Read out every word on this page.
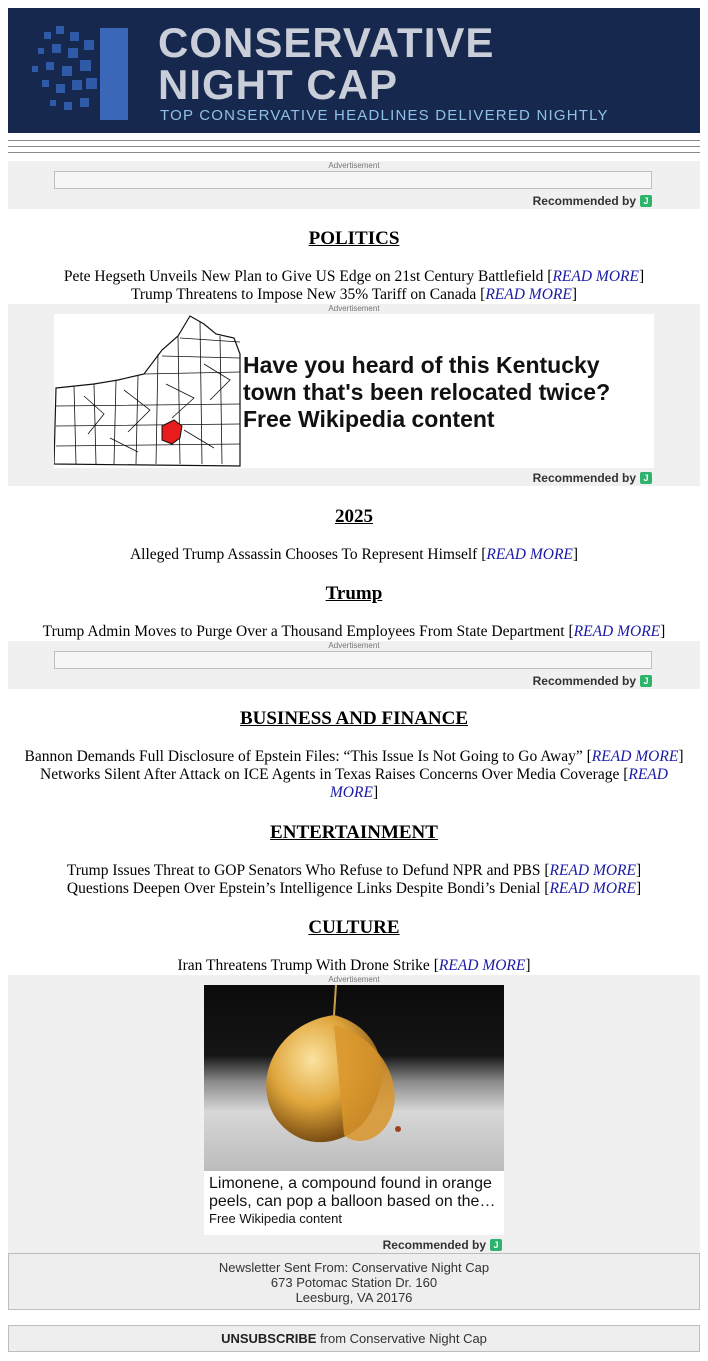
CONSERVATIVE
NIGHT CAP
TOP CONSERVATIVE HEADLINES DELIVERED NIGHTLY
Advertisement
Recommended by J
POLITICS
Pete Hegseth Unveils New Plan to Give US Edge on 21st Century Battlefield [READ MORE]
Trump Threatens to Impose New 35% Tariff on Canada [READ MORE]
Advertisement
Recommended by J
Have you heard of this Kentucky town that's been relocated twice? Free Wikipedia content
2025
Alleged Trump Assassin Chooses To Represent Himself [READ MORE]
Trump
Trump Admin Moves to Purge Over a Thousand Employees From State Department [READ MORE]
Advertisement
Recommended by J
BUSINESS AND FINANCE
Bannon Demands Full Disclosure of Epstein Files: “This Issue Is Not Going to Go Away” [READ MORE]
Networks Silent After Attack on ICE Agents in Texas Raises Concerns Over Media Coverage [READ MORE]
ENTERTAINMENT
Trump Issues Threat to GOP Senators Who Refuse to Defund NPR and PBS [READ MORE]
Questions Deepen Over Epstein’s Intelligence Links Despite Bondi’s Denial [READ MORE]
CULTURE
Iran Threatens Trump With Drone Strike [READ MORE]
Advertisement
Recommended by J
Limonene, a compound found in orange peels, can pop a balloon based on the…
Free Wikipedia content
Newsletter Sent From: Conservative Night Cap
673 Potomac Station Dr. 160
Leesburg, VA 20176
UNSUBSCRIBE from Conservative Night Cap
